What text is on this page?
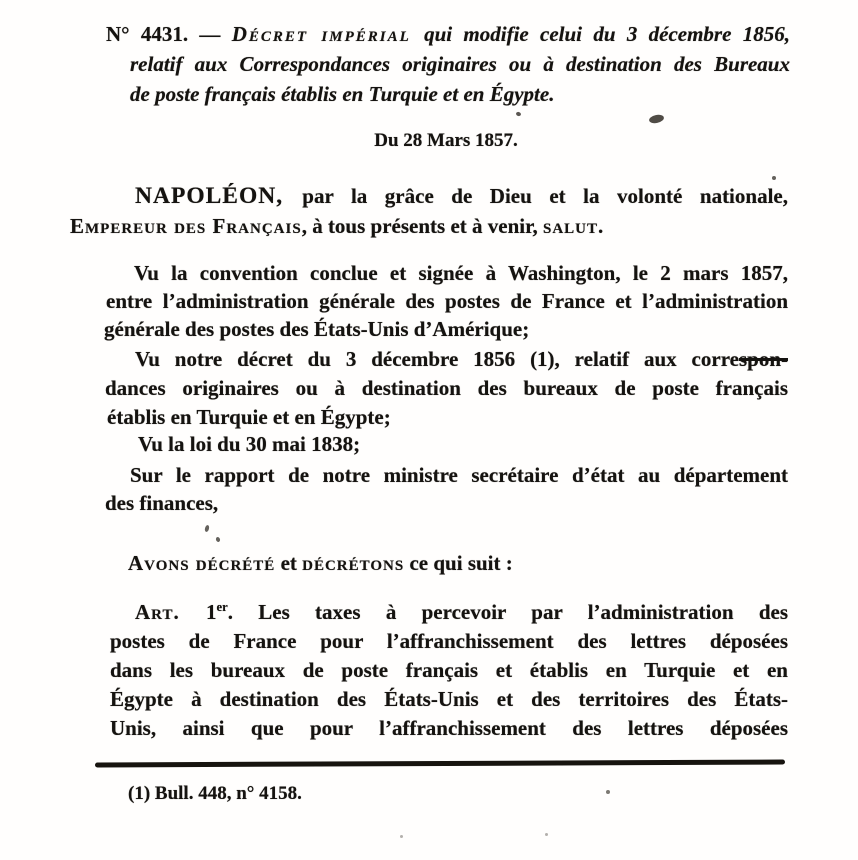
N° 4431. — Décret impérial qui modifie celui du 3 décembre 1856,
relatif aux Correspondances originaires ou à destination des Bureaux
de poste français établis en Turquie et en Égypte.
Du 28 Mars 1857.
NAPOLÉON, par la grâce de Dieu et la volonté nationale,
Empereur des Français, à tous présents et à venir, salut.
Vu la convention conclue et signée à Washington, le 2 mars 1857,
entre l’administration générale des postes de France et l’administration
générale des postes des États-Unis d’Amérique;
Vu notre décret du 3 décembre 1856 (1), relatif aux correspon-
dances originaires ou à destination des bureaux de poste français
établis en Turquie et en Égypte;
Vu la loi du 30 mai 1838;
Sur le rapport de notre ministre secrétaire d’état au département
des finances,
Avons décrété et décrétons ce qui suit :
Art. 1er. Les taxes à percevoir par l’administration des
postes de France pour l’affranchissement des lettres déposées
dans les bureaux de poste français et établis en Turquie et en
Égypte à destination des États-Unis et des territoires des États-
Unis, ainsi que pour l’affranchissement des lettres déposées
(1) Bull. 448, n° 4158.
